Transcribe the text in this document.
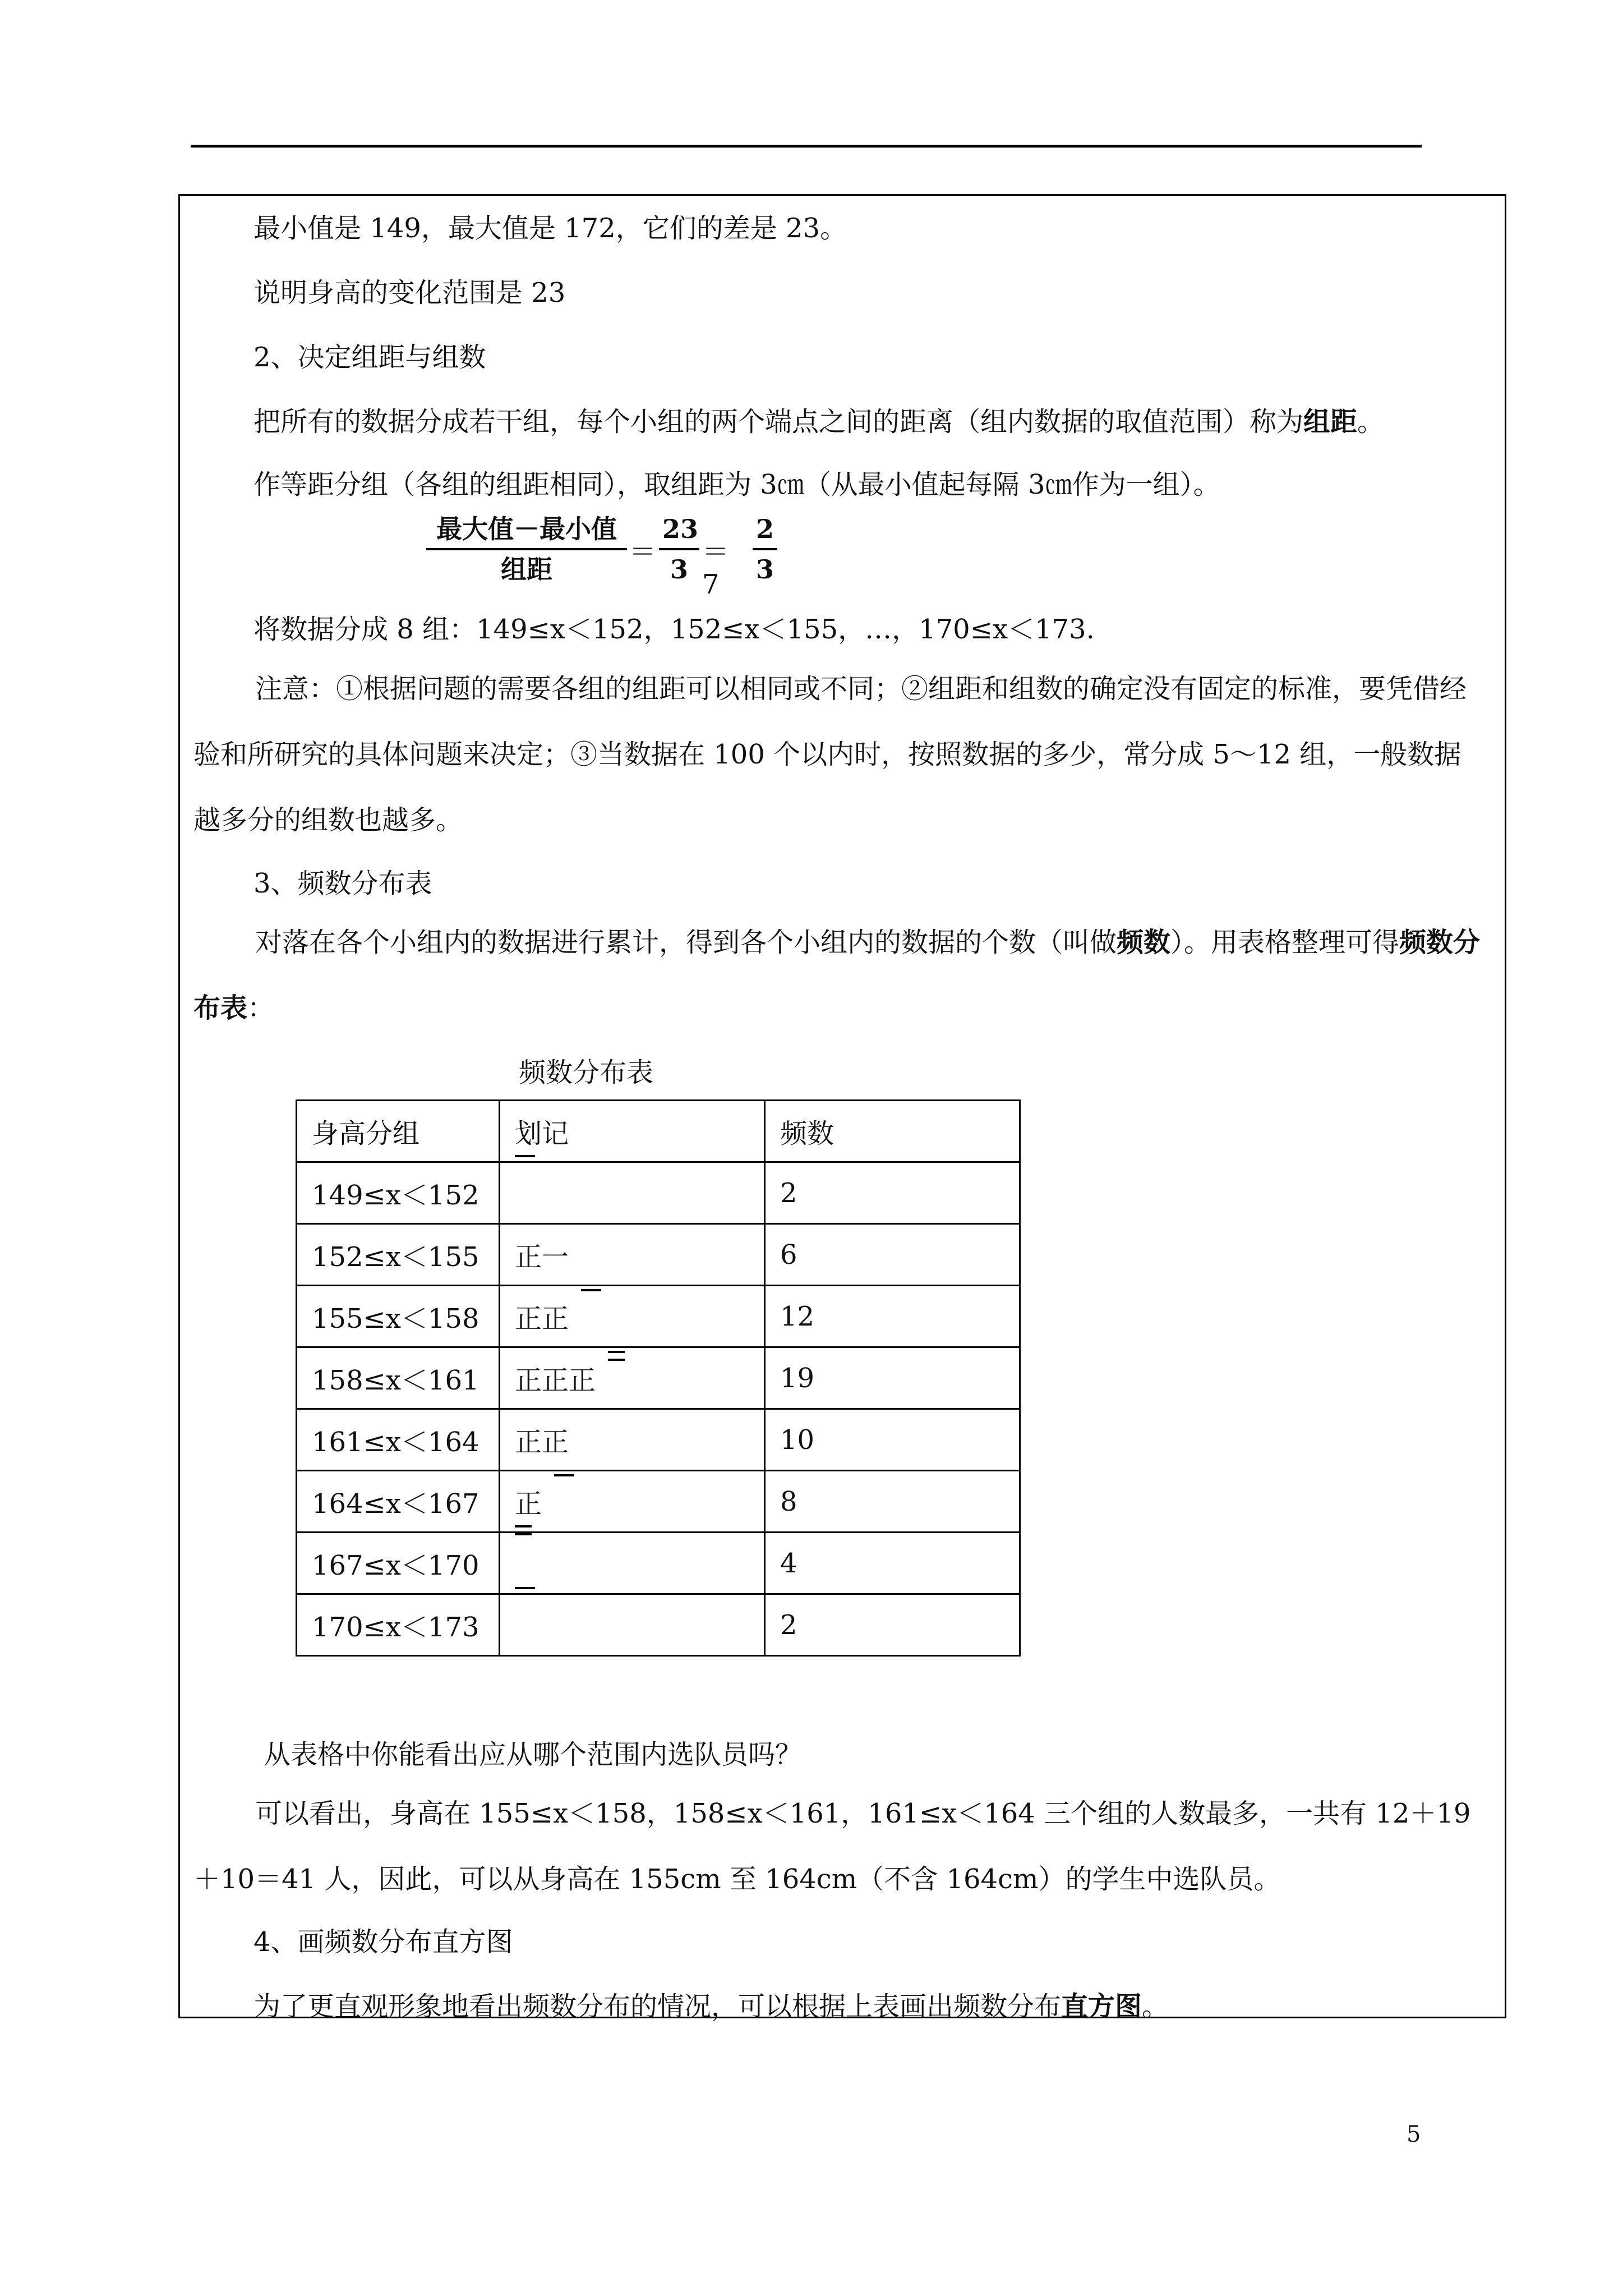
最小值是 149，最大值是 172，它们的差是 23。
说明身高的变化范围是 23
2、决定组距与组数
把所有的数据分成若干组，每个小组的两个端点之间的距离（组内数据的取值范围）称为组距。
作等距分组（各组的组距相同），取组距为 3㎝（从最小值起每隔 3㎝作为一组）。
最大值－最小值
组距
＝ $\frac{23}{3} =7$	$\frac{2}{3}$
将数据分成 8 组：149≤x＜152，152≤x＜155，…，170≤x＜173.
注意：①根据问题的需要各组的组距可以相同或不同；②组距和组数的确定没有固定的标准，要凭借经验和所研究的具体问题来决定；③当数据在 100 个以内时，按照数据的多少，常分成 5～12 组，一般数据越多分的组数也越多。
3、频数分布表
对落在各个小组内的数据进行累计，得到各个小组内的数据的个数（叫做频数）。用表格整理可得频数分布表：
频数分布表
身高分组	划记	频数
149≤x＜152		2
152≤x＜155	正一	6
155≤x＜158	正正	12
158≤x＜161	正正正	19
161≤x＜164	正正	10
164≤x＜167	正	8
167≤x＜170		4
170≤x＜173		2
从表格中你能看出应从哪个范围内选队员吗？
可以看出，身高在 155≤x＜158，158≤x＜161，161≤x＜164 三个组的人数最多，一共有 12＋19＋10＝41 人，因此，可以从身高在 155cm 至 164cm（不含 164cm）的学生中选队员。
4、画频数分布直方图
为了更直观形象地看出频数分布的情况，可以根据上表画出频数分布直方图。
5
